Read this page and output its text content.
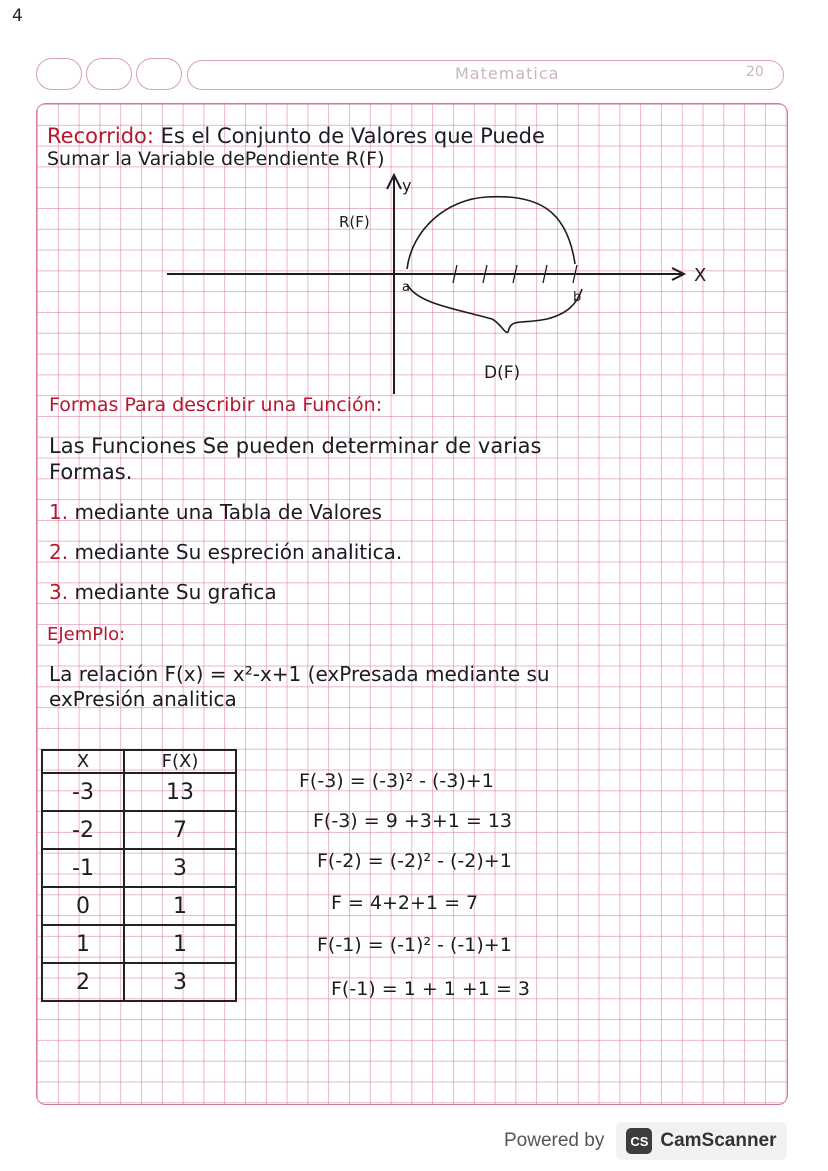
4
Matematica	20
Recorrido: Es el Conjunto de Valores que Puede
Sumar la Variable dePendiente R(F)
y
X
R(F)
D(F)
a
b
Formas Para describir una Función:
Las Funciones Se pueden determinar de varias
Formas.
1. mediante una Tabla de Valores
2. mediante Su espreción analitica.
3. mediante Su grafica
EJemPlo:
La relación F(x) = x²-x+1 (exPresada mediante su
exPresión analitica
X	F(X)
-3	13
-2	7
-1	3
0	1
1	1
2	3
F(-3) = (-3)² - (-3)+1
F(-3) = 9 +3+1 = 13
F(-2) = (-2)² - (-2)+1
F = 4+2+1 = 7
F(-1) = (-1)² - (-1)+1
F(-1) = 1 + 1 +1 = 3
Powered by	CS CamScanner
